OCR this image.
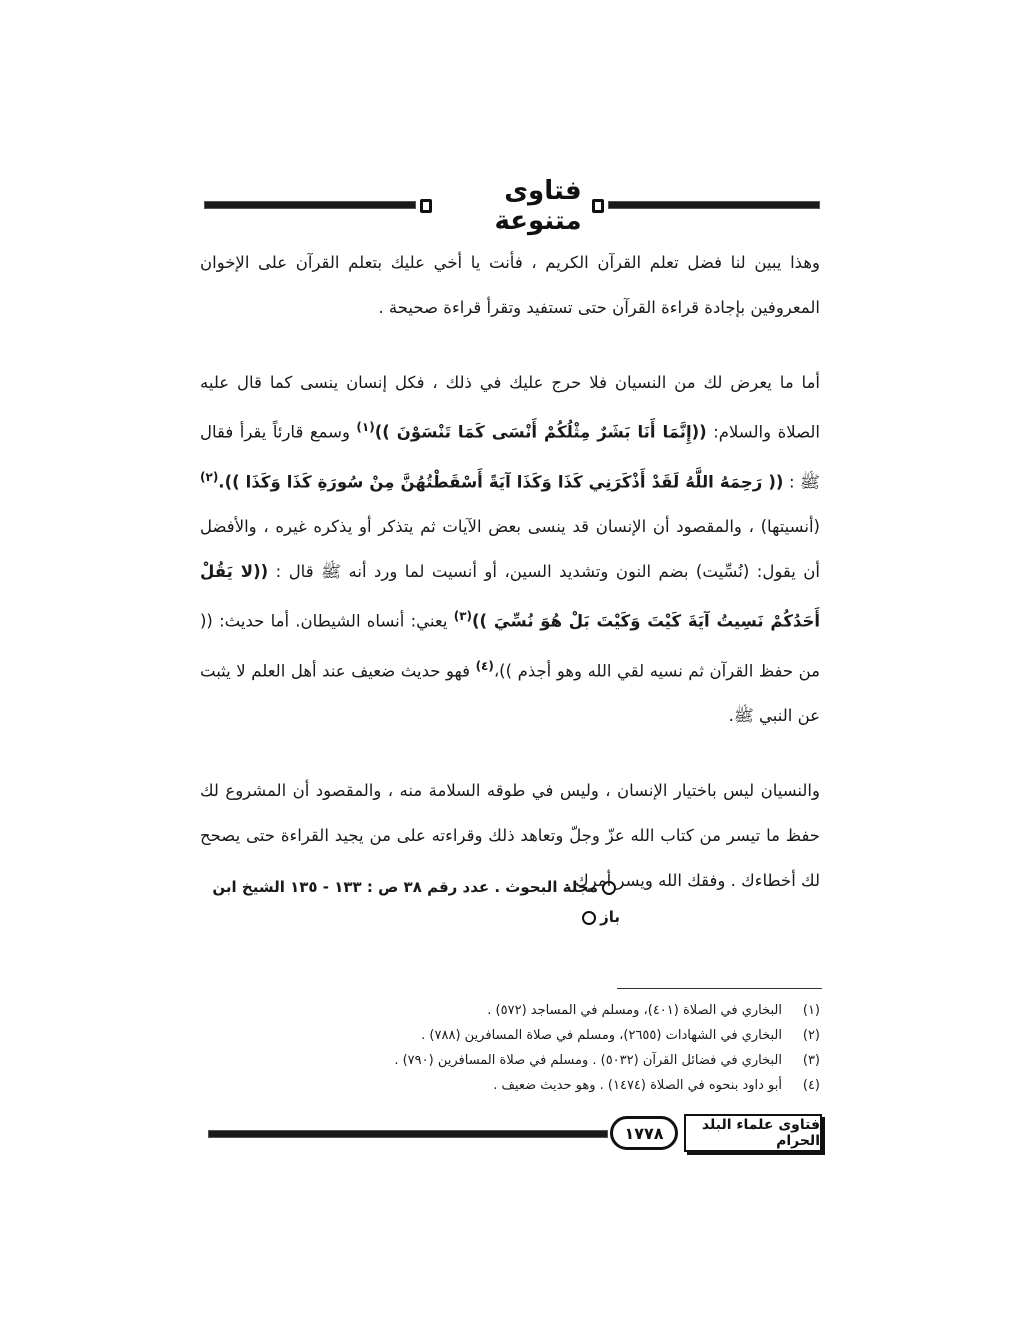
فتاوى متنوعة

وهذا يبين لنا فضل تعلم القرآن الكريم ، فأنت يا أخي عليك بتعلم القرآن على الإخوان المعروفين بإجادة قراءة القرآن حتى تستفيد وتقرأ قراءة صحيحة .

أما ما يعرض لك من النسيان فلا حرج عليك في ذلك ، فكل إنسان ينسى كما قال عليه الصلاة والسلام: ((إِنَّمَا أَنَا بَشَرٌ مِثْلُكُمْ أَنْسَى كَمَا تَنْسَوْنَ ))$^{(١)}$ وسمع قارئاً يقرأ فقال ﷺ : (( رَحِمَهُ اللَّهُ لَقَدْ أَذْكَرَنِي كَذَا وَكَذَا آيَةً أَسْقَطْتُهُنَّ مِنْ سُورَةِ كَذَا وَكَذَا )).$^{(٢)}$ (أنسيتها) ، والمقصود أن الإنسان قد ينسى بعض الآيات ثم يتذكر أو يذكره غيره ، والأفضل أن يقول: (نُسِّيت) بضم النون وتشديد السين، أو أنسيت لما ورد أنه ﷺ قال : ((لا يَقُلْ أَحَدُكُمْ نَسِيتُ آيَةَ كَيْتَ وَكَيْتَ بَلْ هُوَ نُسِّيَ ))$^{(٣)}$ يعني: أنساه الشيطان. أما حديث: (( من حفظ القرآن ثم نسيه لقي الله وهو أجذم ))،$^{(٤)}$ فهو حديث ضعيف عند أهل العلم لا يثبت عن النبي ﷺ.

والنسيان ليس باختيار الإنسان ، وليس في طوقه السلامة منه ، والمقصود أن المشروع لك حفظ ما تيسر من كتاب الله عزّ وجلّ وتعاهد ذلك وقراءته على من يجيد القراءة حتى يصحح لك أخطاءك . وفقك الله ويسر أمرك .

مجلة البحوث . عدد رقم ٣٨ ص : ١٣٣ - ١٣٥ الشيخ ابن باز
(١)
البخاري في الصلاة (٤٠١)، ومسلم في المساجد (٥٧٢) .
(٢)
البخاري في الشهادات (٢٦٥٥)، ومسلم في صلاة المسافرين (٧٨٨) .
(٣)
البخاري في فضائل القرآن (٥٠٣٢) . ومسلم في صلاة المسافرين (٧٩٠) .
(٤)
أبو داود بنحوه في الصلاة (١٤٧٤) . وهو حديث ضعيف .
١٧٧٨	فتاوى علماء البلد الحرام
